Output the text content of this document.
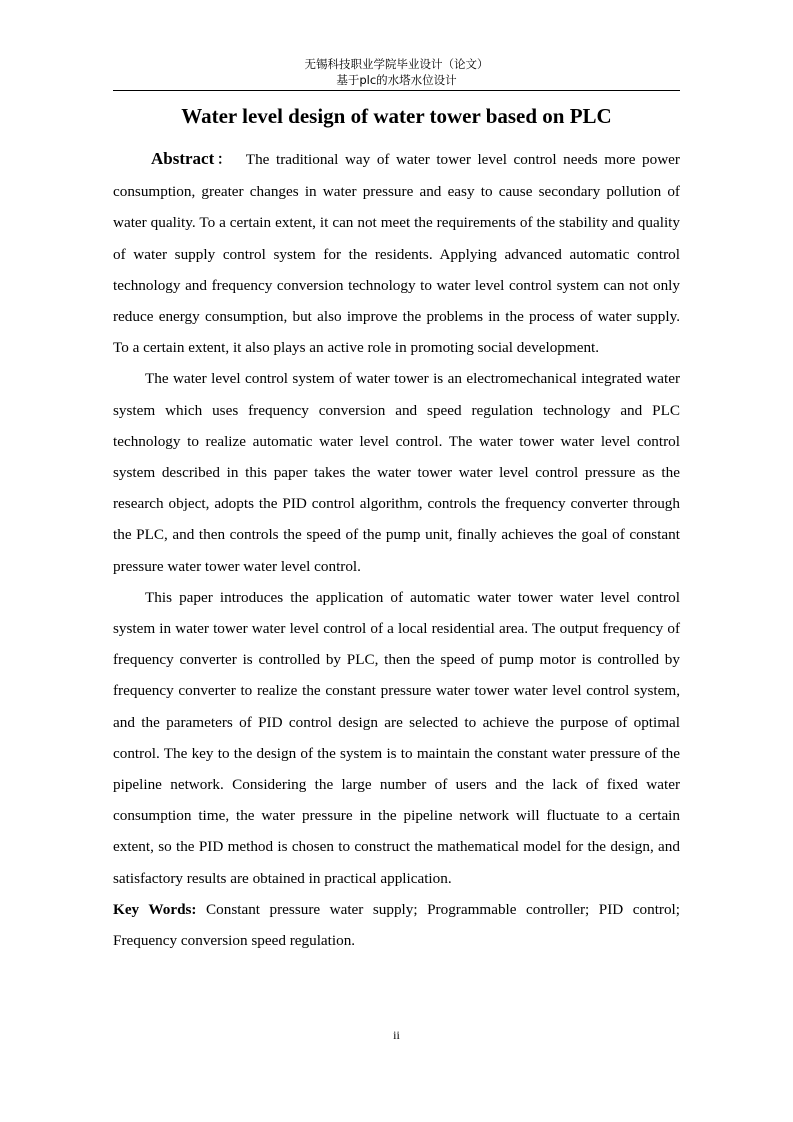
无锡科技职业学院毕业设计（论文）
基于plc的水塔水位设计
Water level design of water tower based on PLC

Abstract： The traditional way of water tower level control needs more power consumption, greater changes in water pressure and easy to cause secondary pollution of water quality. To a certain extent, it can not meet the requirements of the stability and quality of water supply control system for the residents. Applying advanced automatic control technology and frequency conversion technology to water level control system can not only reduce energy consumption, but also improve the problems in the process of water supply. To a certain extent, it also plays an active role in promoting social development.

The water level control system of water tower is an electromechanical integrated water system which uses frequency conversion and speed regulation technology and PLC technology to realize automatic water level control. The water tower water level control system described in this paper takes the water tower water level control pressure as the research object, adopts the PID control algorithm, controls the frequency converter through the PLC, and then controls the speed of the pump unit, finally achieves the goal of constant pressure water tower water level control.

This paper introduces the application of automatic water tower water level control system in water tower water level control of a local residential area. The output frequency of frequency converter is controlled by PLC, then the speed of pump motor is controlled by frequency converter to realize the constant pressure water tower water level control system, and the parameters of PID control design are selected to achieve the purpose of optimal control. The key to the design of the system is to maintain the constant water pressure of the pipeline network. Considering the large number of users and the lack of fixed water consumption time, the water pressure in the pipeline network will fluctuate to a certain extent, so the PID method is chosen to construct the mathematical model for the design, and satisfactory results are obtained in practical application.

Key Words: Constant pressure water supply; Programmable controller; PID control; Frequency conversion speed regulation.

ii
